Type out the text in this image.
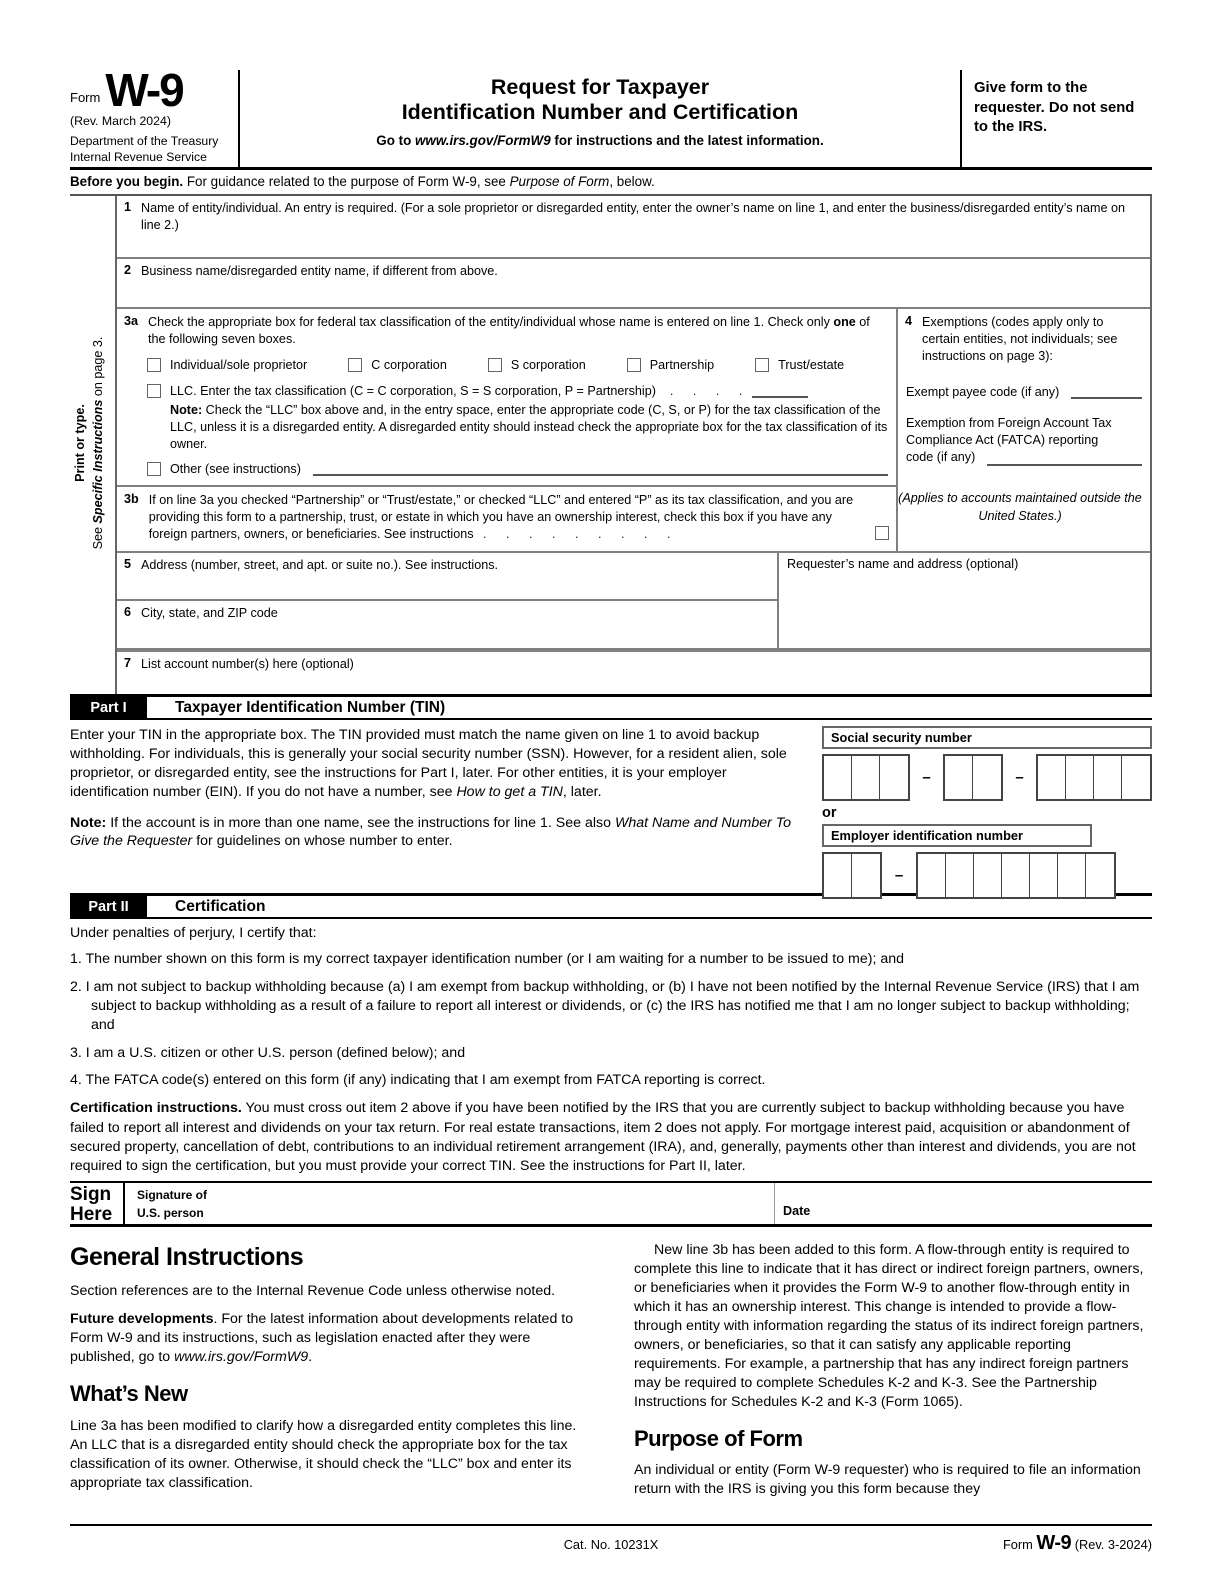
Form W-9
(Rev. March 2024)
Department of the Treasury
Internal Revenue Service
Request for Taxpayer
Identification Number and Certification
Go to www.irs.gov/FormW9 for instructions and the latest information.
Give form to the requester. Do not send to the IRS.
Before you begin. For guidance related to the purpose of Form W-9, see Purpose of Form, below.
Print or type.
See Specific Instructions on page 3.
1 Name of entity/individual. An entry is required. (For a sole proprietor or disregarded entity, enter the owner’s name on line 1, and enter the business/disregarded entity’s name on line 2.)
2 Business name/disregarded entity name, if different from above.
3a Check the appropriate box for federal tax classification of the entity/individual whose name is entered on line 1. Check only one of the following seven boxes.
Individual/sole proprietor	C corporation	S corporation	Partnership	Trust/estate
LLC. Enter the tax classification (C = C corporation, S = S corporation, P = Partnership) . . . .
Note: Check the “LLC” box above and, in the entry space, enter the appropriate code (C, S, or P) for the tax classification of the LLC, unless it is a disregarded entity. A disregarded entity should instead check the appropriate box for the tax classification of its owner.
Other (see instructions)
3b If on line 3a you checked “Partnership” or “Trust/estate,” or checked “LLC” and entered “P” as its tax classification, and you are providing this form to a partnership, trust, or estate in which you have an ownership interest, check this box if you have any foreign partners, owners, or beneficiaries. See instructions . . . . . . . . .
4 Exemptions (codes apply only to certain entities, not individuals; see instructions on page 3):
Exempt payee code (if any)
Exemption from Foreign Account Tax Compliance Act (FATCA) reporting
code (if any)
(Applies to accounts maintained outside the United States.)
5 Address (number, street, and apt. or suite no.). See instructions.
6 City, state, and ZIP code
Requester’s name and address (optional)
7 List account number(s) here (optional)
Part I	Taxpayer Identification Number (TIN)

Enter your TIN in the appropriate box. The TIN provided must match the name given on line 1 to avoid backup withholding. For individuals, this is generally your social security number (SSN). However, for a resident alien, sole proprietor, or disregarded entity, see the instructions for Part I, later. For other entities, it is your employer identification number (EIN). If you do not have a number, see How to get a TIN, later.

Note: If the account is in more than one name, see the instructions for line 1. See also What Name and Number To Give the Requester for guidelines on whose number to enter.

Social security number
–	–
or
Employer identification number
–
Part II	Certification
Under penalties of perjury, I certify that:
1. The number shown on this form is my correct taxpayer identification number (or I am waiting for a number to be issued to me); and
2. I am not subject to backup withholding because (a) I am exempt from backup withholding, or (b) I have not been notified by the Internal Revenue Service (IRS) that I am subject to backup withholding as a result of a failure to report all interest or dividends, or (c) the IRS has notified me that I am no longer subject to backup withholding; and
3. I am a U.S. citizen or other U.S. person (defined below); and
4. The FATCA code(s) entered on this form (if any) indicating that I am exempt from FATCA reporting is correct.
Certification instructions. You must cross out item 2 above if you have been notified by the IRS that you are currently subject to backup withholding because you have failed to report all interest and dividends on your tax return. For real estate transactions, item 2 does not apply. For mortgage interest paid, acquisition or abandonment of secured property, cancellation of debt, contributions to an individual retirement arrangement (IRA), and, generally, payments other than interest and dividends, you are not required to sign the certification, but you must provide your correct TIN. See the instructions for Part II, later.
Sign
Here
Signature of
U.S. person	Date
General Instructions

Section references are to the Internal Revenue Code unless otherwise noted.

Future developments. For the latest information about developments related to Form W-9 and its instructions, such as legislation enacted after they were published, go to www.irs.gov/FormW9.

What’s New

Line 3a has been modified to clarify how a disregarded entity completes this line. An LLC that is a disregarded entity should check the appropriate box for the tax classification of its owner. Otherwise, it should check the “LLC” box and enter its appropriate tax classification.

New line 3b has been added to this form. A flow-through entity is required to complete this line to indicate that it has direct or indirect foreign partners, owners, or beneficiaries when it provides the Form W-9 to another flow-through entity in which it has an ownership interest. This change is intended to provide a flow-through entity with information regarding the status of its indirect foreign partners, owners, or beneficiaries, so that it can satisfy any applicable reporting requirements. For example, a partnership that has any indirect foreign partners may be required to complete Schedules K-2 and K-3. See the Partnership Instructions for Schedules K-2 and K-3 (Form 1065).

Purpose of Form

An individual or entity (Form W-9 requester) who is required to file an information return with the IRS is giving you this form because they

Cat. No. 10231X	Form W-9 (Rev. 3-2024)
